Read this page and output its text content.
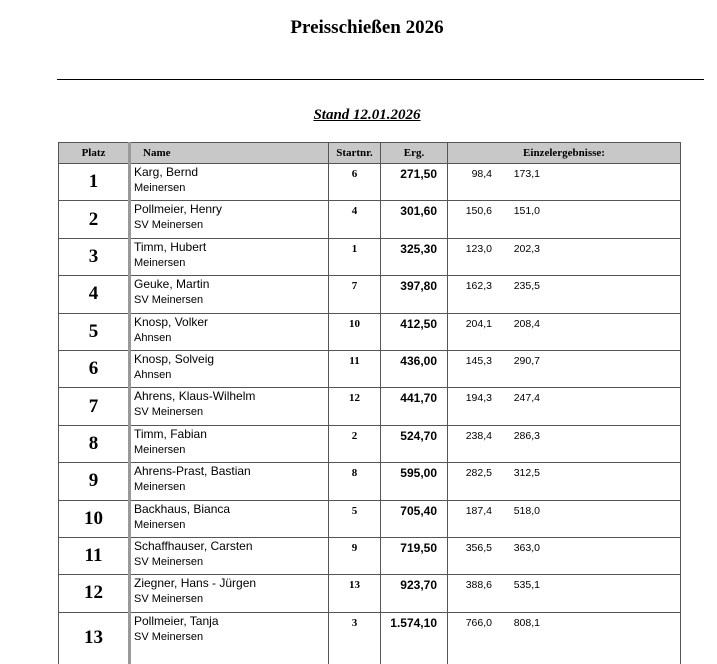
Preisschießen 2026
Stand 12.01.2026
Platz	Name	Startnr.	Erg.	Einzelergebnisse:
1	Karg, Bernd
Meinersen	6	271,50	98,4 173,1
2	Pollmeier, Henry
SV Meinersen	4	301,60	150,6 151,0
3	Timm, Hubert
Meinersen	1	325,30	123,0 202,3
4	Geuke, Martin
SV Meinersen	7	397,80	162,3 235,5
5	Knosp, Volker
Ahnsen	10	412,50	204,1 208,4
6	Knosp, Solveig
Ahnsen	11	436,00	145,3 290,7
7	Ahrens, Klaus-Wilhelm
SV Meinersen	12	441,70	194,3 247,4
8	Timm, Fabian
Meinersen	2	524,70	238,4 286,3
9	Ahrens-Prast, Bastian
Meinersen	8	595,00	282,5 312,5
10	Backhaus, Bianca
Meinersen	5	705,40	187,4 518,0
11	Schaffhauser, Carsten
SV Meinersen	9	719,50	356,5 363,0
12	Ziegner, Hans - Jürgen
SV Meinersen	13	923,70	388,6 535,1
13	Pollmeier, Tanja
SV Meinersen	3	1.574,10	766,0 808,1
